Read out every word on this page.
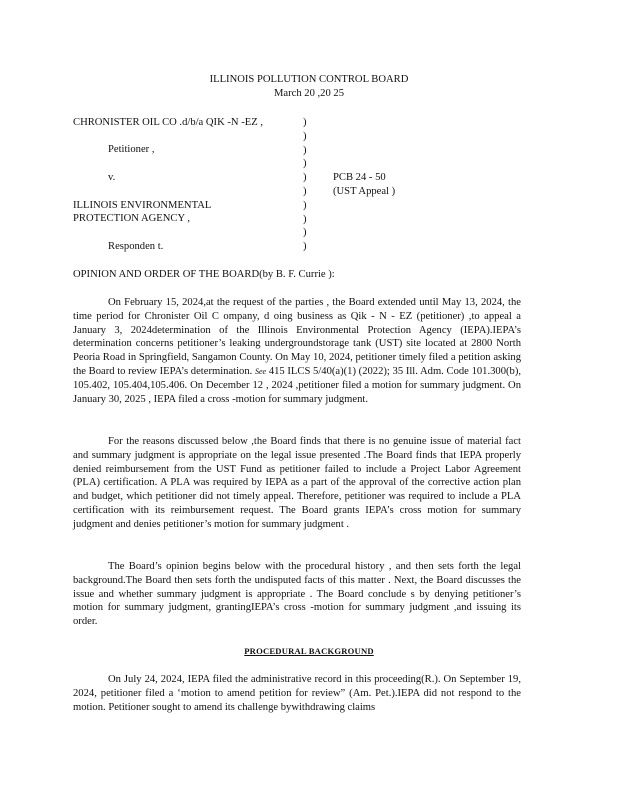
ILLINOIS POLLUTION CONTROL BOARD
March 20 ,20 25
CHRONISTER OIL CO .d/b/a QIK -N -EZ ,
Petitioner ,
v.
ILLINOIS ENVIRONMENTAL
PROTECTION AGENCY ,
Responden t.
)
)
)
)
)
)
)
)
)
)
PCB 24 - 50
(UST Appeal )
OPINION AND ORDER OF THE BOARD(by B. F. Currie ):

On February 15, 2024,at the request of the parties , the Board extended until May 13, 2024, the time period for Chronister Oil C ompany, d oing business as Qik - N - EZ (petitioner) ,to appeal a January 3, 2024determination of the Illinois Environmental Protection Agency (IEPA).IEPA’s determination concerns petitioner’s leaking undergroundstorage tank (UST) site located at 2800 North Peoria Road in Springfield, Sangamon County. On May 10, 2024, petitioner timely filed a petition asking the Board to review IEPA’s determination. See 415 ILCS 5/40(a)(1) (2022); 35 Ill. Adm. Code 101.300(b), 105.402, 105.404,105.406. On December 12 , 2024 ,petitioner filed a motion for summary judgment. On January 30, 2025 , IEPA filed a cross -motion for summary judgment.

For the reasons discussed below ,the Board finds that there is no genuine issue of material fact and summary judgment is appropriate on the legal issue presented .The Board finds that IEPA properly denied reimbursement from the UST Fund as petitioner failed to include a Project Labor Agreement (PLA) certification. A PLA was required by IEPA as a part of the approval of the corrective action plan and budget, which petitioner did not timely appeal. Therefore, petitioner was required to include a PLA certification with its reimbursement request. The Board grants IEPA’s cross motion for summary judgment and denies petitioner’s motion for summary judgment .

The Board’s opinion begins below with the procedural history , and then sets forth the legal background.The Board then sets forth the undisputed facts of this matter . Next, the Board discusses the issue and whether summary judgment is appropriate . The Board conclude s by denying petitioner’s motion for summary judgment, grantingIEPA’s cross -motion for summary judgment ,and issuing its order.

PROCEDURAL BACKGROUND

On July 24, 2024, IEPA filed the administrative record in this proceeding(R.). On September 19, 2024, petitioner filed a ‘motion to amend petition for review” (Am. Pet.).IEPA did not respond to the motion. Petitioner sought to amend its challenge bywithdrawing claims
